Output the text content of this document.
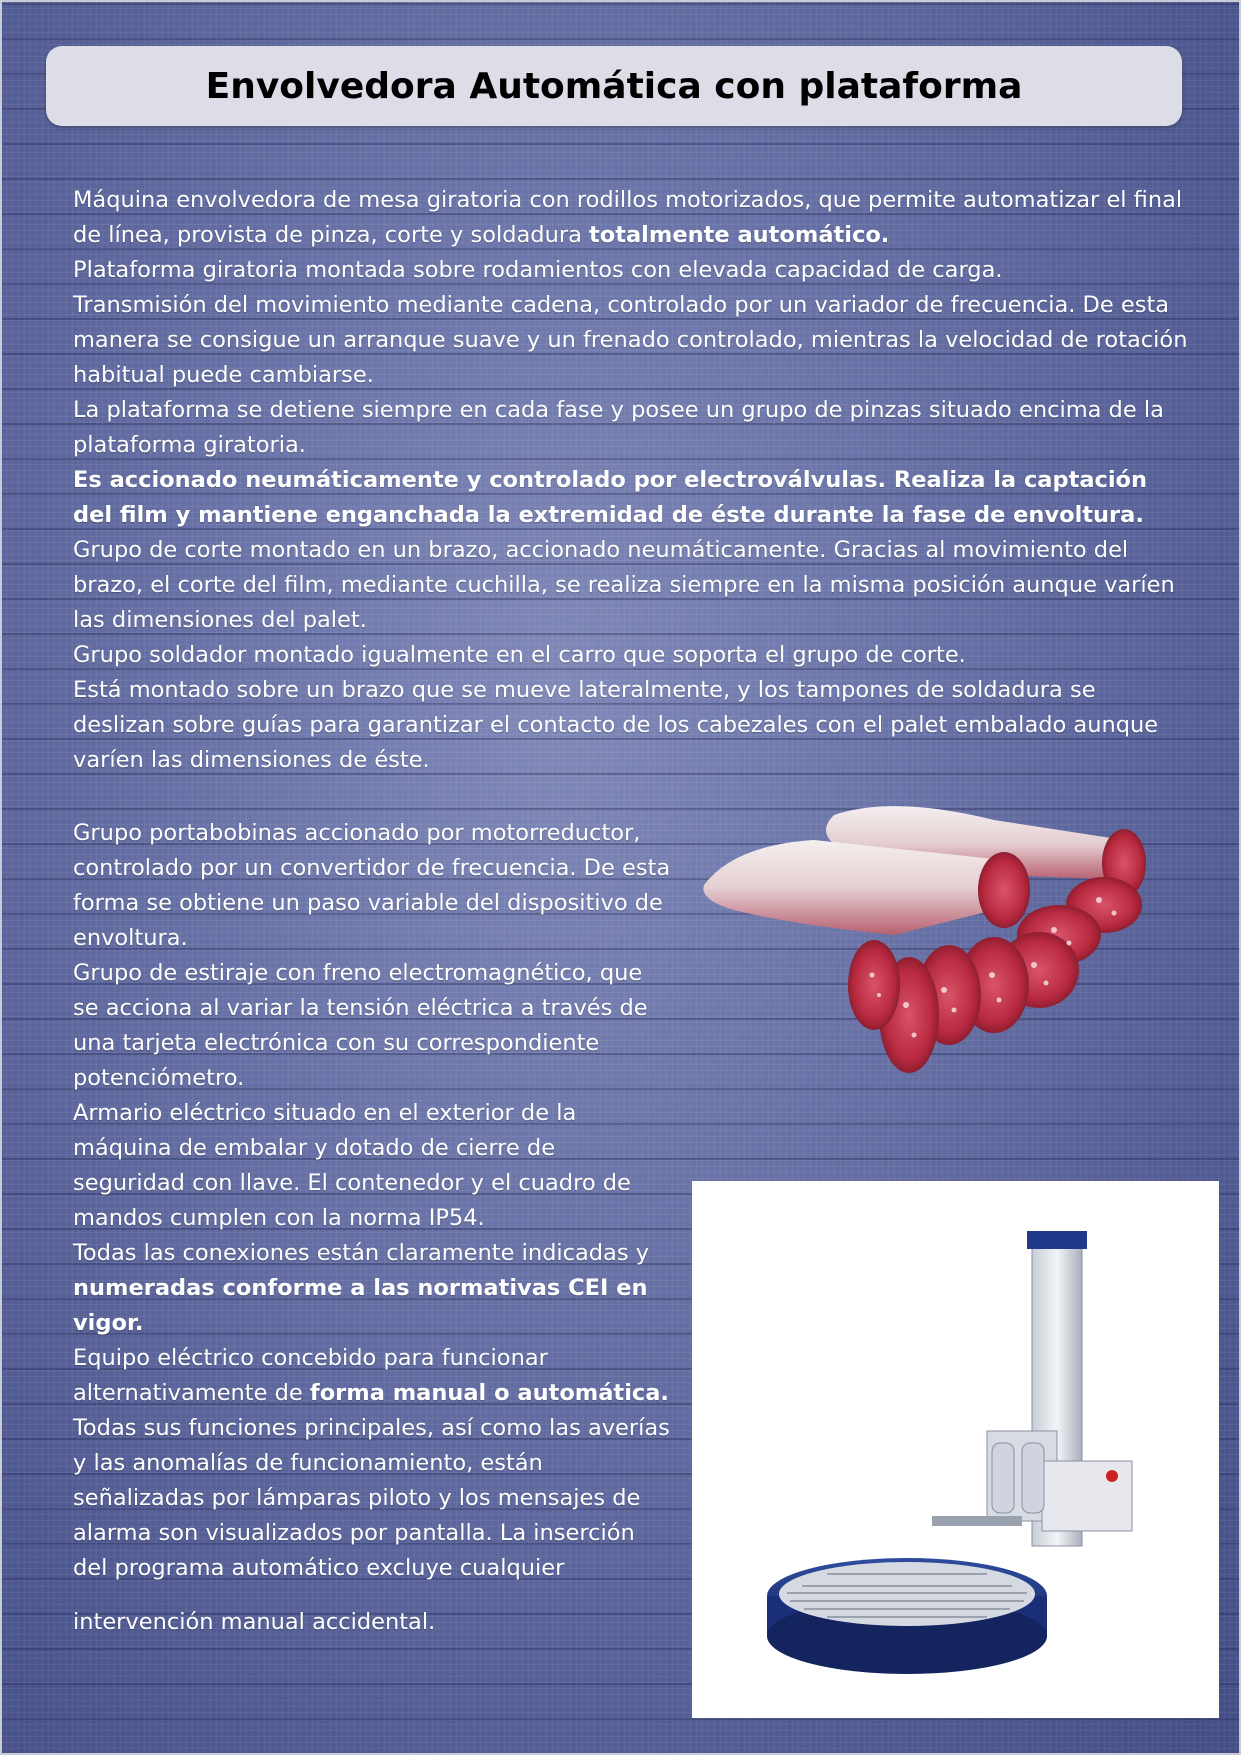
Envolvedora Automática con plataforma

Máquina envolvedora de mesa giratoria con rodillos motorizados, que permite automatizar el final de línea, provista de pinza, corte y soldadura totalmente automático.

Plataforma giratoria montada sobre rodamientos con elevada capacidad de carga.

Transmisión del movimiento mediante cadena, controlado por un variador de frecuencia. De esta manera se consigue un arranque suave y un frenado controlado, mientras la velocidad de rotación habitual puede cambiarse.

La plataforma se detiene siempre en cada fase y posee un grupo de pinzas situado encima de la plataforma giratoria.

Es accionado neumáticamente y controlado por electroválvulas. Realiza la captación del film y mantiene enganchada la extremidad de éste durante la fase de envoltura.

Grupo de corte montado en un brazo, accionado neumáticamente. Gracias al movimiento del brazo, el corte del film, mediante cuchilla, se realiza siempre en la misma posición aunque varíen las dimensiones del palet.

Grupo soldador montado igualmente en el carro que soporta el grupo de corte.

Está montado sobre un brazo que se mueve lateralmente, y los tampones de soldadura se deslizan sobre guías para garantizar el contacto de los cabezales con el palet embalado aunque varíen las dimensiones de éste.

Grupo portabobinas accionado por motorreductor, controlado por un convertidor de frecuencia. De esta forma se obtiene un paso variable del dispositivo de envoltura.

Grupo de estiraje con freno electromagnético, que se acciona al variar la tensión eléctrica a través de una tarjeta electrónica con su correspondiente potenciómetro.

Armario eléctrico situado en el exterior de la máquina de embalar y dotado de cierre de seguridad con llave. El contenedor y el cuadro de mandos cumplen con la norma IP54.

Todas las conexiones están claramente indicadas y numeradas conforme a las normativas CEI en vigor.

Equipo eléctrico concebido para funcionar alternativamente de forma manual o automática.

Todas sus funciones principales, así como las averías y las anomalías de funcionamiento, están señalizadas por lámparas piloto y los mensajes de alarma son visualizados por pantalla. La inserción del programa automático excluye cualquier

intervención manual accidental.
